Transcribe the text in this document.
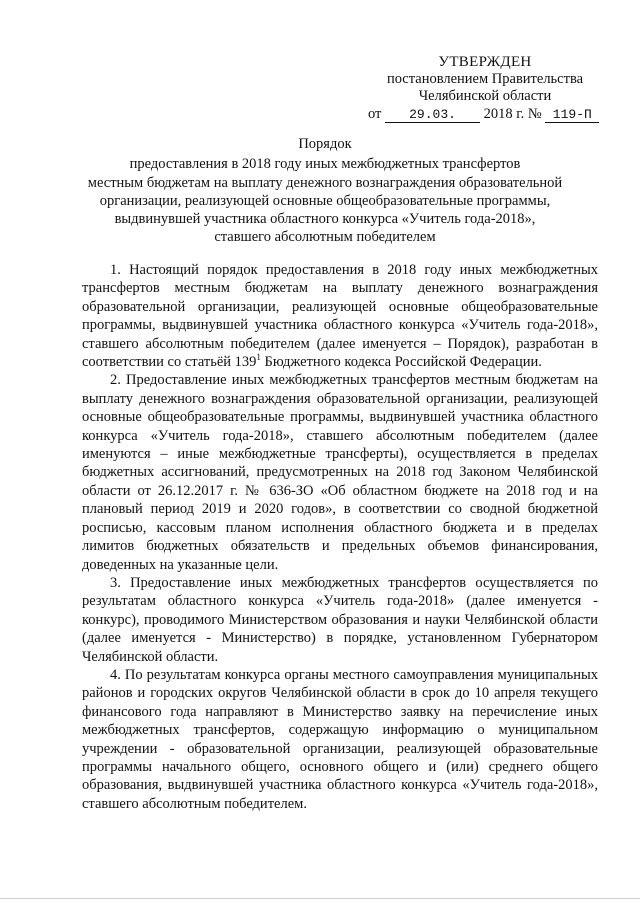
УТВЕРЖДЕН
постановлением Правительства
Челябинской области
от 29.03. 2018 г. № 119-П
Порядок
предоставления в 2018 году иных межбюджетных трансфертов
местным бюджетам на выплату денежного вознаграждения образовательной
организации, реализующей основные общеобразовательные программы,
выдвинувшей участника областного конкурса «Учитель года-2018»,
ставшего абсолютным победителем

1. Настоящий порядок предоставления в 2018 году иных межбюджетных трансфертов местным бюджетам на выплату денежного вознаграждения образовательной организации, реализующей основные общеобразовательные программы, выдвинувшей участника областного конкурса «Учитель года-2018», ставшего абсолютным победителем (далее именуется – Порядок), разработан в соответствии со статьёй $139^1$ Бюджетного кодекса Российской Федерации.

2. Предоставление иных межбюджетных трансфертов местным бюджетам на выплату денежного вознаграждения образовательной организации, реализующей основные общеобразовательные программы, выдвинувшей участника областного конкурса «Учитель года-2018», ставшего абсолютным победителем (далее именуются – иные межбюджетные трансферты), осуществляется в пределах бюджетных ассигнований, предусмотренных на 2018 год Законом Челябинской области от 26.12.2017 г. № 636-ЗО «Об областном бюджете на 2018 год и на плановый период 2019 и 2020 годов», в соответствии со сводной бюджетной росписью, кассовым планом исполнения областного бюджета и в пределах лимитов бюджетных обязательств и предельных объемов финансирования, доведенных на указанные цели.

3. Предоставление иных межбюджетных трансфертов осуществляется по результатам областного конкурса «Учитель года-2018» (далее именуется - конкурс), проводимого Министерством образования и науки Челябинской области (далее именуется - Министерство) в порядке, установленном Губернатором Челябинской области.

4. По результатам конкурса органы местного самоуправления муниципальных районов и городских округов Челябинской области в срок до 10 апреля текущего финансового года направляют в Министерство заявку на перечисление иных межбюджетных трансфертов, содержащую информацию о муниципальном учреждении - образовательной организации, реализующей образовательные программы начального общего, основного общего и (или) среднего общего образования, выдвинувшей участника областного конкурса «Учитель года-2018», ставшего абсолютным победителем.
